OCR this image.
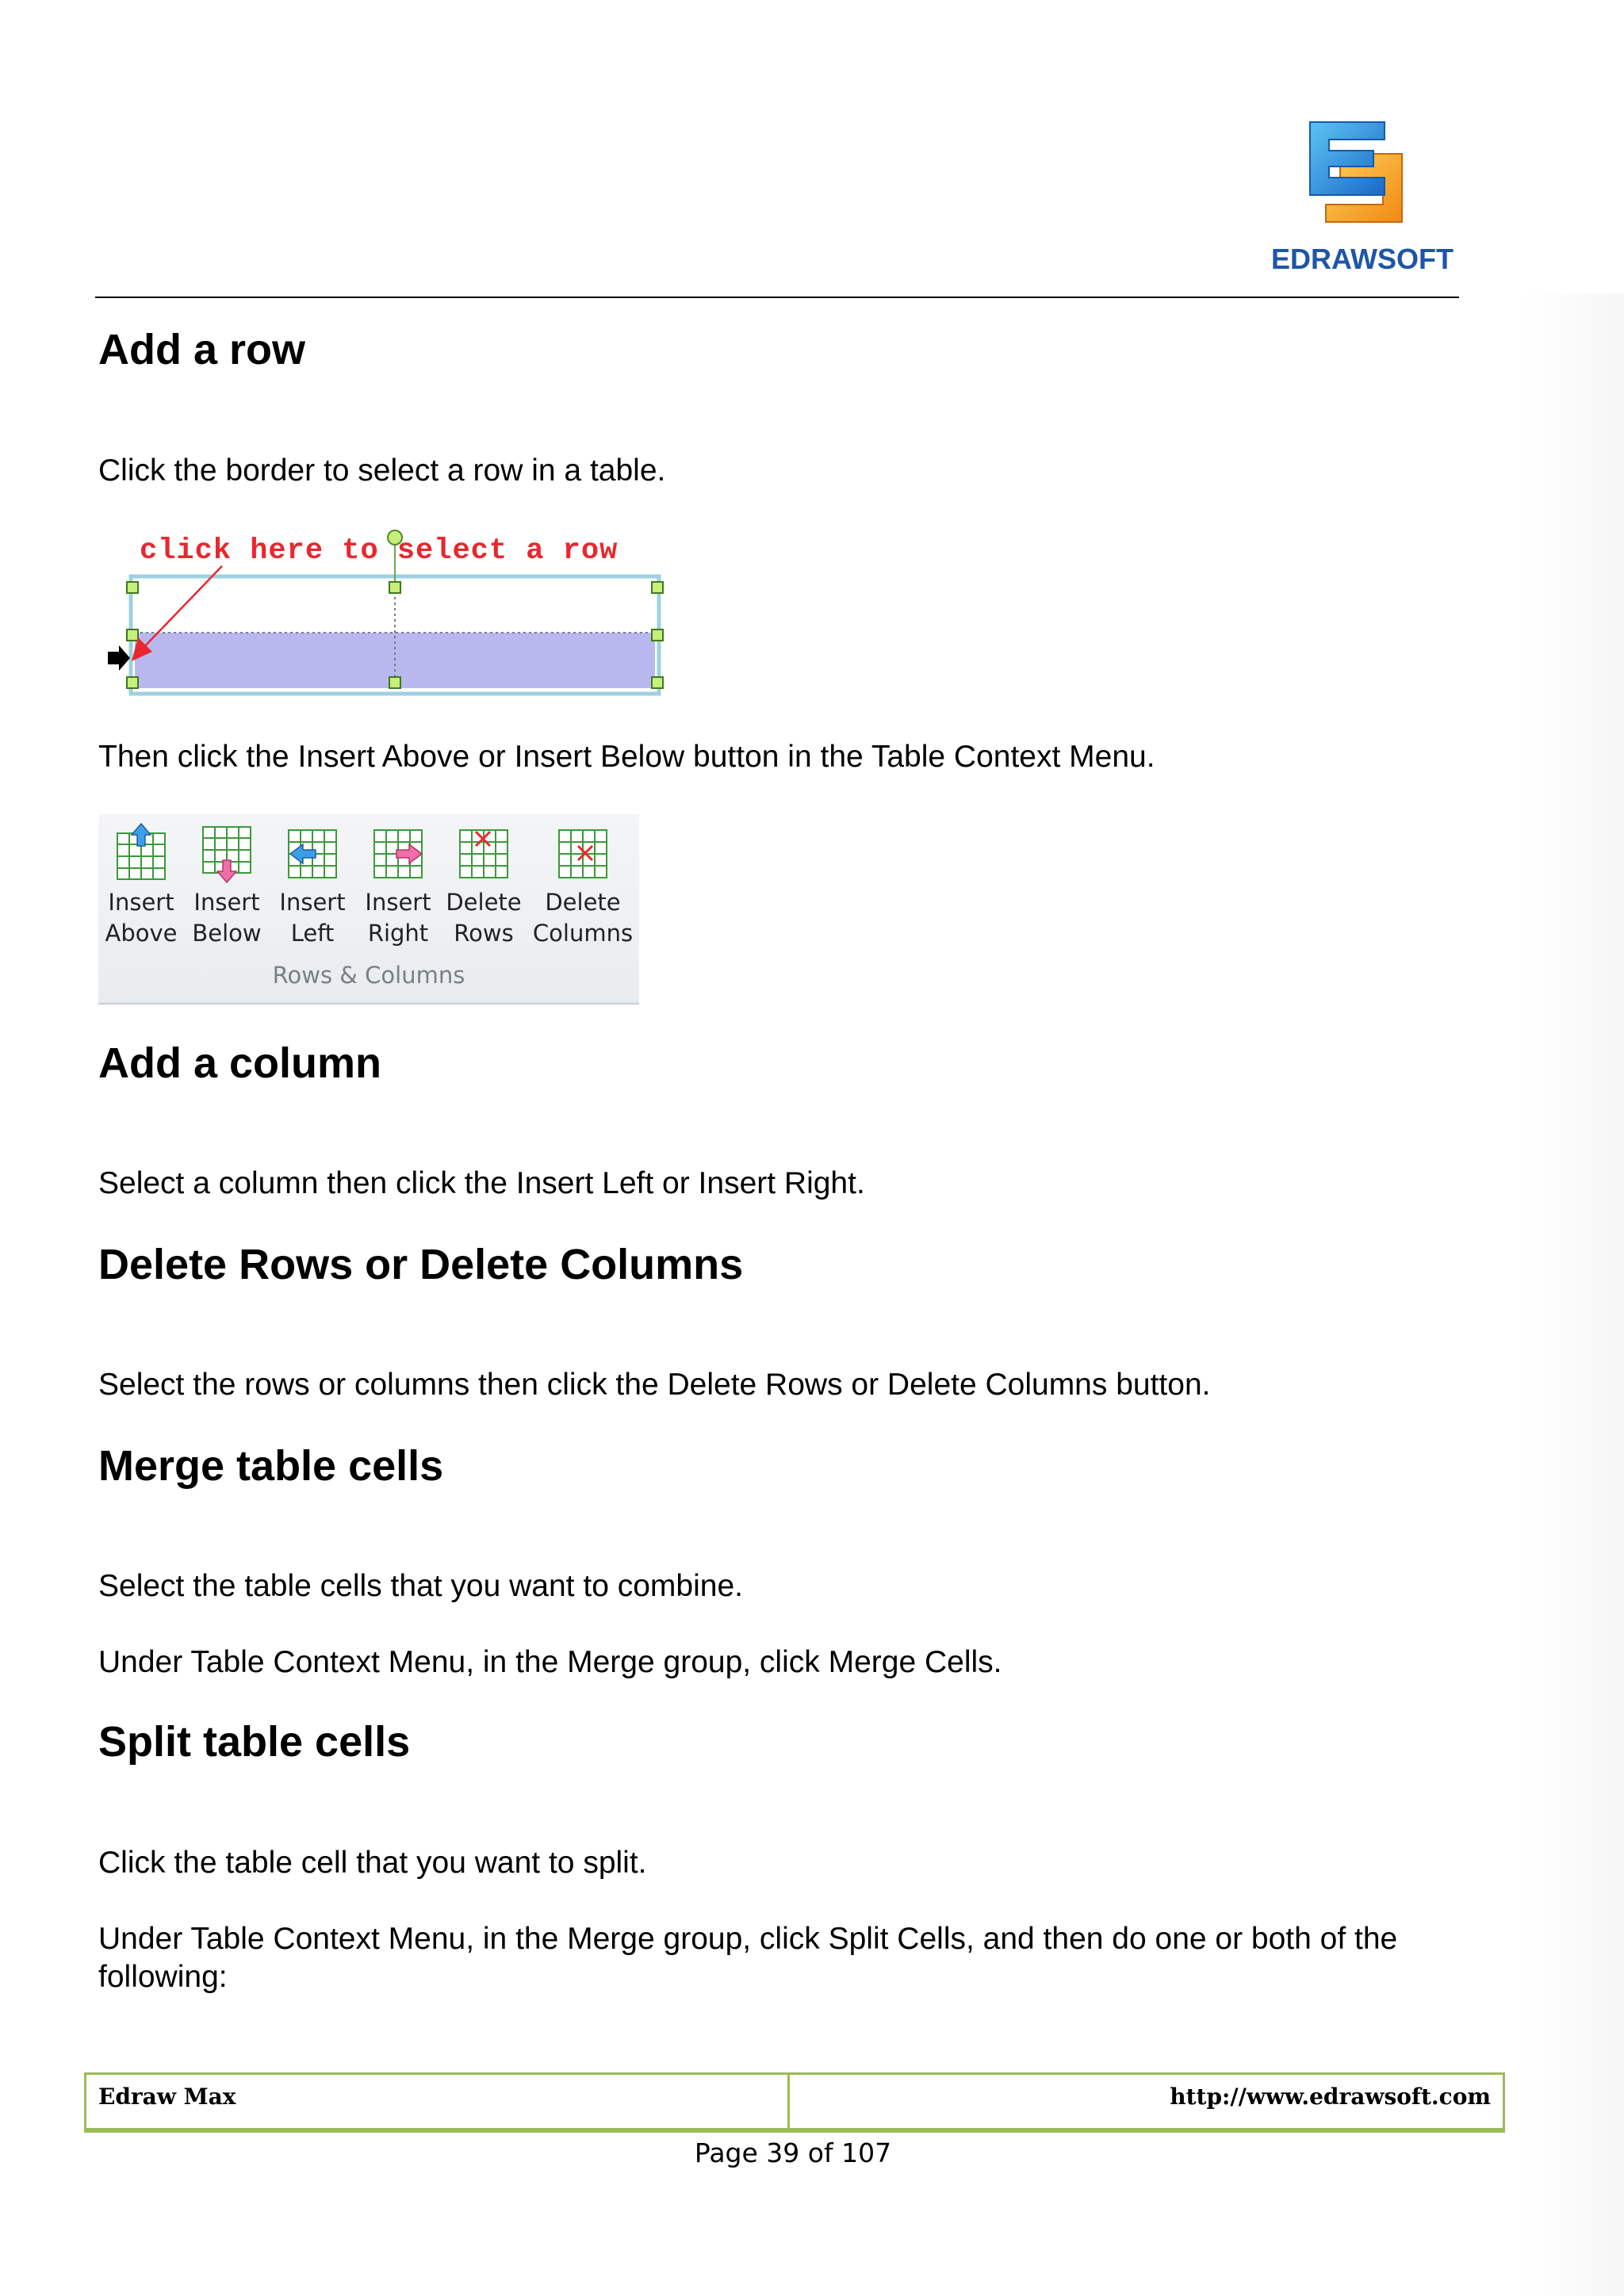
EDRAWSOFT
Add a row

Click the border to select a row in a table.

click here to select a row

Then click the Insert Above or Insert Below button in the Table Context Menu.

Insert
Above
Insert
Below
Insert
Left
Insert
Right
Delete
Rows
Delete
Columns
Rows & Columns
Add a column

Select a column then click the Insert Left or Insert Right.

Delete Rows or Delete Columns

Select the rows or columns then click the Delete Rows or Delete Columns button.

Merge table cells

Select the table cells that you want to combine.

Under Table Context Menu, in the Merge group, click Merge Cells.

Split table cells

Click the table cell that you want to split.

Under Table Context Menu, in the Merge group, click Split Cells, and then do one or both of the following:

Edraw Max	http://www.edrawsoft.com
Page 39 of 107
